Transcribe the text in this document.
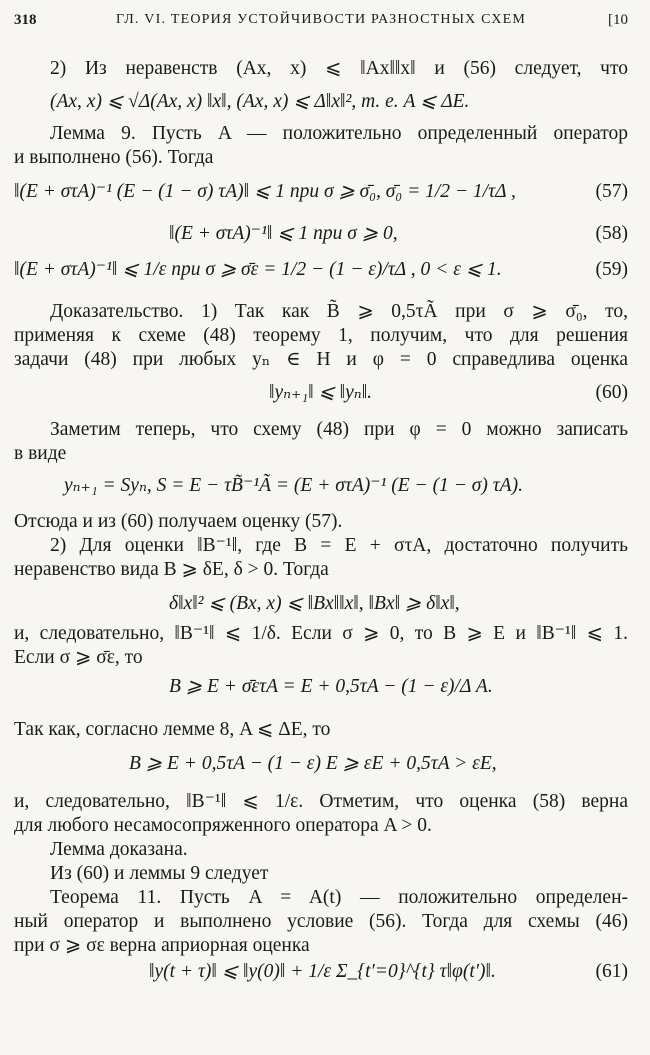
318	ГЛ. VI. ТЕОРИЯ УСТОЙЧИВОСТИ РАЗНОСТНЫХ СХЕМ	[10
2) Из неравенств (Ax, x) ⩽ ‖Ax‖‖x‖ и (56) следует, что
(Ax, x) ⩽ √Δ(Ax, x) ‖x‖, (Ax, x) ⩽ Δ‖x‖², т. е. A ⩽ ΔE.
Лемма 9. Пусть A — положительно определенный оператор
и выполнено (56). Тогда
‖(E + στA)⁻¹ (E − (1 − σ) τA)‖ ⩽ 1 при σ ⩾ σ̄₀, σ̄₀ = 1/2 − 1/τΔ ,	(57)
‖(E + στA)⁻¹‖ ⩽ 1 при σ ⩾ 0,	(58)
‖(E + στA)⁻¹‖ ⩽ 1/ε при σ ⩾ σ̄ε = 1/2 − (1 − ε)/τΔ , 0 < ε ⩽ 1.	(59)
Доказательство. 1) Так как B̃ ⩾ 0,5τÃ при σ ⩾ σ̄₀, то,
применяя к схеме (48) теорему 1, получим, что для решения
задачи (48) при любых yₙ ∈ H и φ = 0 справедлива оценка
‖yₙ₊₁‖ ⩽ ‖yₙ‖.	(60)
Заметим теперь, что схему (48) при φ = 0 можно записать
в виде
yₙ₊₁ = Syₙ, S = E − τB̃⁻¹Ã = (E + στA)⁻¹ (E − (1 − σ) τA).
Отсюда и из (60) получаем оценку (57).
2) Для оценки ‖B⁻¹‖, где B = E + στA, достаточно получить
неравенство вида B ⩾ δE, δ > 0. Тогда
δ‖x‖² ⩽ (Bx, x) ⩽ ‖Bx‖‖x‖, ‖Bx‖ ⩾ δ‖x‖,
и, следовательно, ‖B⁻¹‖ ⩽ 1/δ. Если σ ⩾ 0, то B ⩾ E и ‖B⁻¹‖ ⩽ 1.
Если σ ⩾ σ̄ε, то
B ⩾ E + σ̄ετA = E + 0,5τA − (1 − ε)/Δ A.
Так как, согласно лемме 8, A ⩽ ΔE, то
B ⩾ E + 0,5τA − (1 − ε) E ⩾ εE + 0,5τA > εE,
и, следовательно, ‖B⁻¹‖ ⩽ 1/ε. Отметим, что оценка (58) верна
для любого несамосопряженного оператора A > 0.
Лемма доказана.
Из (60) и леммы 9 следует
Теорема 11. Пусть A = A(t) — положительно определен-
ный оператор и выполнено условие (56). Тогда для схемы (46)
при σ ⩾ σε верна априорная оценка
‖y(t + τ)‖ ⩽ ‖y(0)‖ + 1/ε Σ_{t′=0}^{t} τ‖φ(t′)‖.	(61)
